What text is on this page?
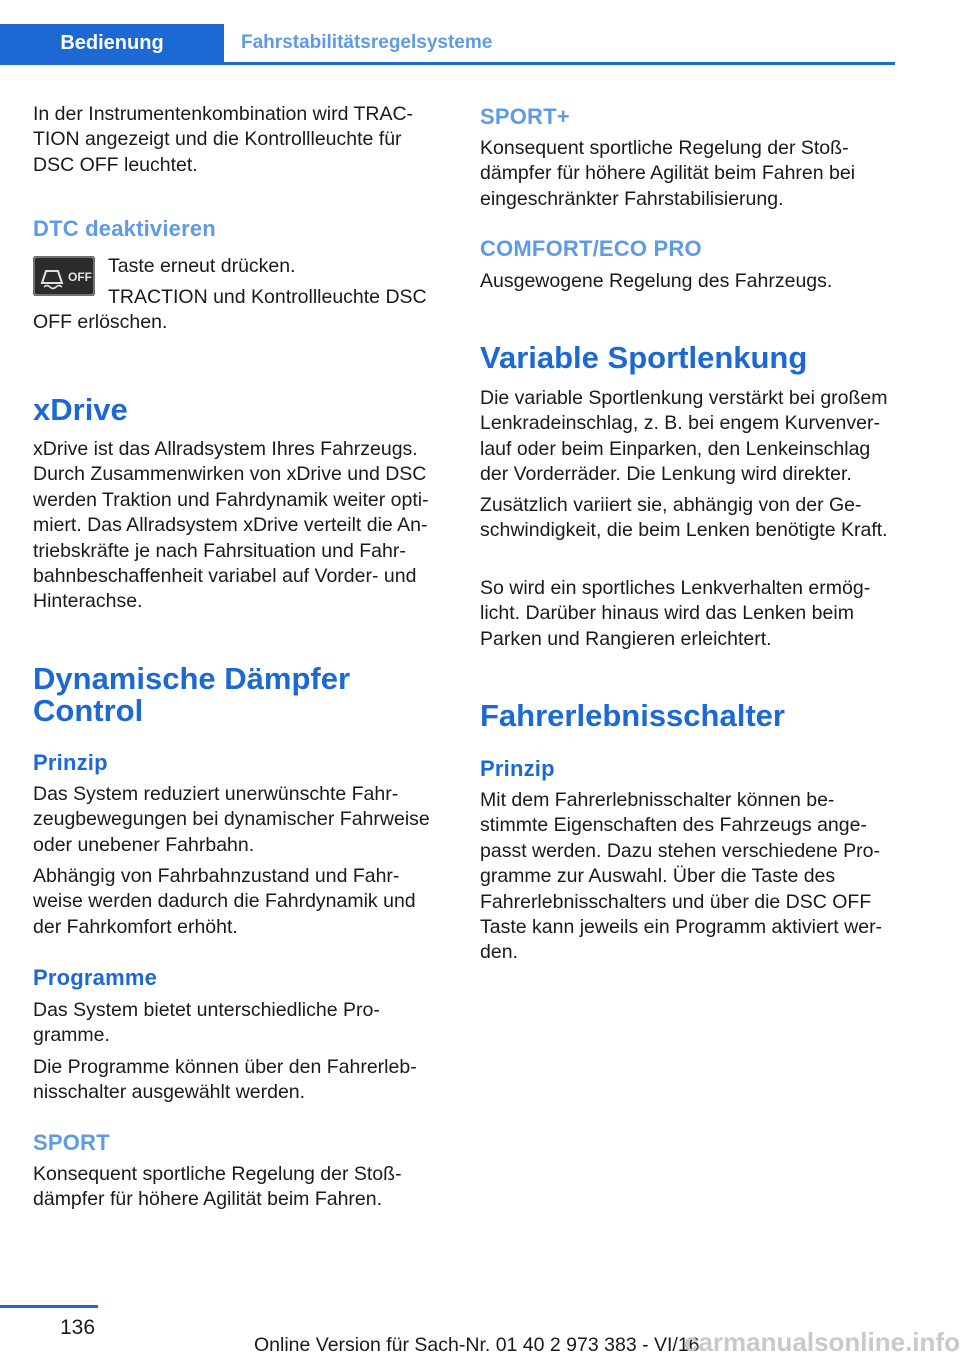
Bedienung	Fahrstabilitätsregelsysteme

In der Instrumentenkombination wird TRAC‐TION angezeigt und die Kontrollleuchte für DSC OFF leuchtet.

DTC deaktivieren
OFF Taste erneut drücken.

TRACTION und Kontrollleuchte DSC OFF erlöschen.

xDrive

xDrive ist das Allradsystem Ihres Fahrzeugs. Durch Zusammenwirken von xDrive und DSC werden Traktion und Fahrdynamik weiter opti‐miert. Das Allradsystem xDrive verteilt die An‐triebskräfte je nach Fahrsituation und Fahr‐bahnbeschaffenheit variabel auf Vorder- und Hinterachse.

Dynamische Dämpfer Control
Prinzip

Das System reduziert unerwünschte Fahr‐zeugbewegungen bei dynamischer Fahrweise oder unebener Fahrbahn.

Abhängig von Fahrbahnzustand und Fahr‐weise werden dadurch die Fahrdynamik und der Fahrkomfort erhöht.

Programme

Das System bietet unterschiedliche Pro‐gramme.

Die Programme können über den Fahrerleb‐nisschalter ausgewählt werden.

SPORT

Konsequent sportliche Regelung der Stoß‐dämpfer für höhere Agilität beim Fahren.

SPORT+

Konsequent sportliche Regelung der Stoß‐dämpfer für höhere Agilität beim Fahren bei eingeschränkter Fahrstabilisierung.

COMFORT/ECO PRO

Ausgewogene Regelung des Fahrzeugs.

Variable Sportlenkung

Die variable Sportlenkung verstärkt bei großem Lenkradeinschlag, z. B. bei engem Kurvenver‐lauf oder beim Einparken, den Lenkeinschlag der Vorderräder. Die Lenkung wird direkter.

Zusätzlich variiert sie, abhängig von der Ge‐schwindigkeit, die beim Lenken benötigte Kraft.

So wird ein sportliches Lenkverhalten ermög‐licht. Darüber hinaus wird das Lenken beim Parken und Rangieren erleichtert.

Fahrerlebnisschalter
Prinzip

Mit dem Fahrerlebnisschalter können be‐stimmte Eigenschaften des Fahrzeugs ange‐passt werden. Dazu stehen verschiedene Pro‐gramme zur Auswahl. Über die Taste des Fahrerlebnisschalters und über die DSC OFF Taste kann jeweils ein Programm aktiviert wer‐den.

136
Online Version für Sach-Nr. 01 40 2 973 383 - VI/16
carmanualsonline.info
